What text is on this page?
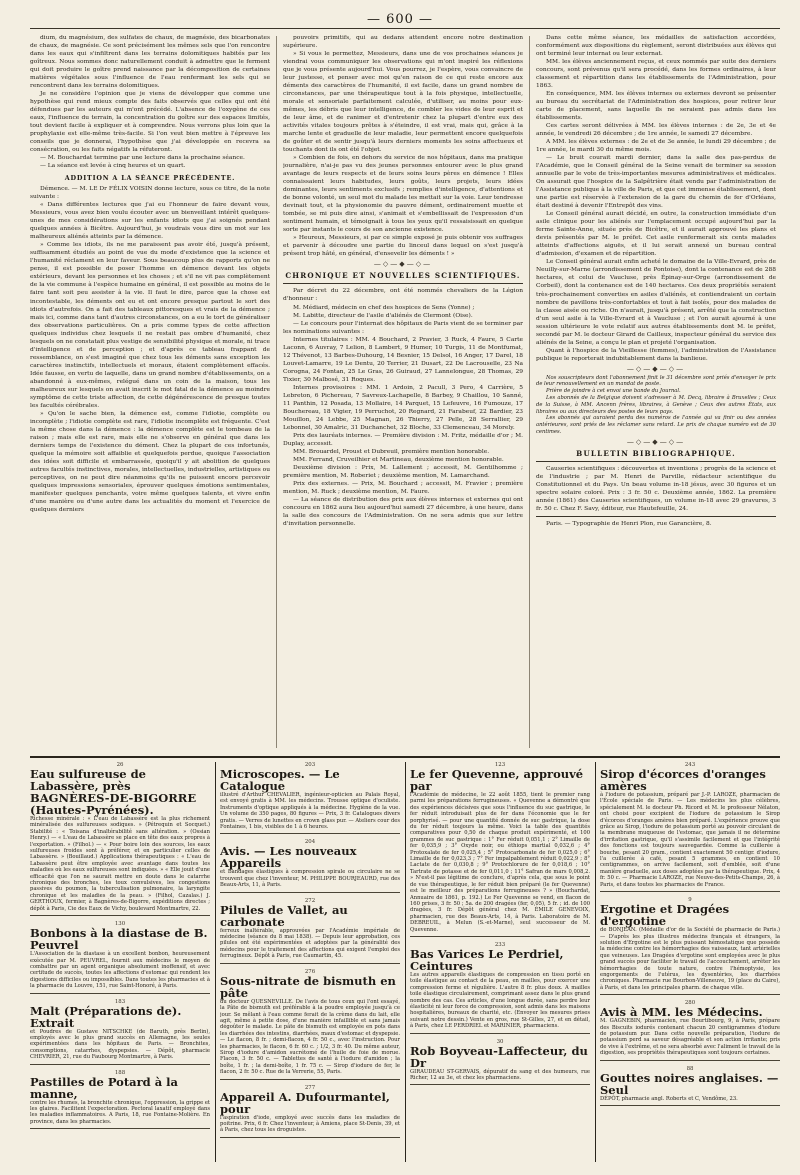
— 600 —

dium, du magnésium, des sulfates de chaux, de magnésie, des bicarbonates de chaux, de magnésie. Ce sont précisément les mêmes sels que l'on rencontre dans les eaux qui s'infiltrent dans les terrains dolomitiques habités par les goîtreux. Nous sommes donc naturellement conduit à admettre que le ferment qui doit produire le goître prend naissance par la décomposition de certaines matières végétales sous l'influence de l'eau renfermant les sels qui se rencontrent dans les terrains dolomitiques.

Je ne considère l'opinion que je viens de développer que comme une hypothèse qui rend mieux compte des faits observés que celles qui ont été défendues par les auteurs qui m'ont précédé. L'absence de l'oxygène de ces eaux, l'influence du terrain, la concentration du goître sur des espaces limités, tout devient facile à expliquer et à comprendre. Nous verrons plus loin que la prophylaxie est elle-même très-facile. Si l'on veut bien mettre à l'épreuve les conseils que je donnerai, l'hypothèse que j'ai développée en recevra sa consécration, ou les faits négatifs la réfuteront.

— M. Bouchardat termine par une lecture dans la prochaine séance.

— La séance est levée à cinq heures et un quart.

ADDITION A LA SÉANCE PRÉCÉDENTE.

Démence. — M. LE Dr FÉLIX VOISIN donne lecture, sous ce titre, de la note suivante :

« Dans différentes lectures que j'ai eu l'honneur de faire devant vous, Messieurs, vous avez bien voulu écouter avec un bienveillant intérêt quelques-unes de mes considérations sur les enfants idiots que j'ai soignés pendant quelques années à Bicêtre. Aujourd'hui, je voudrais vous dire un mot sur les malheureux aliénés atteints par la démence.

» Comme les idiots, ils ne me paraissent pas avoir été, jusqu'à présent, suffisamment étudiés au point de vue du mode d'existence que la science et l'humanité réclament en leur faveur. Sous beaucoup plus de rapports qu'on ne pense, il est possible de poser l'homme en démence devant les objets extérieurs, devant les personnes et les choses ; et s'il ne vit pas complètement de la vie commune à l'espèce humaine en général, il est possible au moins de le faire tant soit peu assister à la vie. Il faut le dire, parce que la chose est incontestable, les déments ont eu et ont encore presque partout le sort des idiots d'autrefois. On a fait des tableaux pittoresques et vrais de la démence ; mais ici, comme dans tant d'autres circonstances, on a eu le tort de généraliser des observations particulières. On a pris comme types de cette affection quelques individus chez lesquels il ne restait pas ombre d'humanité, chez lesquels on ne constatait plus vestige de sensibilité physique et morale, ni trace d'intelligence et de perception ; et d'après ce tableau frappant de ressemblance, on s'est imaginé que chez tous les déments sans exception les caractères instinctifs, intellectuels et moraux, étaient complètement effacés. Idée fausse, en vertu de laquelle, dans un grand nombre d'établissements, on a abandonné à eux-mêmes, relégué dans un coin de la maison, tous les malheureux sur lesquels on avait inscrit le mot fatal de la démence au moindre symptôme de cette triste affection, de cette dégénérescence de presque toutes les facultés cérébrales.

» Qu'on le sache bien, la démence est, comme l'idiotie, complète ou incomplète ; l'idiotie complète est rare, l'idiotie incomplète est fréquente. C'est la même chose dans la démence : la démence complète est le tombeau de la raison ; mais elle est rare, mais elle ne s'observe en général que dans les derniers temps de l'existence du dément. Chez la plupart de ces infortunés, quelque la mémoire soit affaiblie et quelquefois perdue, quoique l'association des idées soit difficile et embarrassée, quoiqu'il y ait abolition de quelques autres facultés instinctives, morales, intellectuelles, industrielles, artistiques ou perceptives, on ne peut dire néanmoins qu'ils ne puissent encore percevoir quelques impressions sensoriales, éprouver quelques émotions sentimentales, manifester quelques penchants, voire même quelques talents, et vivre enfin d'une manière ou d'une autre dans les actualités du moment et l'exercice de quelques derniers

pouvoirs primitifs, qui au dedans attendent encore notre destination supérieure.

» Si vous le permettez, Messieurs, dans une de vos prochaines séances je viendrai vous communiquer les observations qui m'ont inspiré les réflexions que je vous présente aujourd'hui. Vous pourrez, je l'espère, vous convaincre de leur justesse, et penser avec moi qu'en raison de ce qui reste encore aux déments des caractères de l'humanité, il est facile, dans un grand nombre de circonstances, par une thérapeutique tout à la fois physique, intellectuelle, morale et sensoriale parfaitement calculée, d'utiliser, au moins pour eux-mêmes, les débris que leur intelligence, de combler les vides de leur esprit et de leur âme, et de ranimer et d'entretenir chez la plupart d'entre eux des activités vitales toujours prêtes à s'éteindre, il est vrai, mais qui, grâce à la marche lente et graduelle de leur maladie, leur permettent encore quelquefois de goûter et de sentir jusqu'à leurs derniers moments les soins affectueux et touchants dont ils ont été l'objet.

» Combien de fois, en dehors du service de nos hôpitaux, dans ma pratique journalière, n'ai-je pas vu des jeunes personnes entourer avec le plus grand avantage de leurs respects et de leurs soins leurs pères en démence ! Elles connaissaient leurs habitudes, leurs goûts, leurs projets, leurs idées dominantes, leurs sentiments exclusifs ; remplies d'intelligence, d'attentions et de bonne volonté, un seul mot du malade les mettait sur la voie. Leur tendresse devinait tout, et la physionomie du pauvre dément, ordinairement muette et tombée, se mi puis dire ainsi, s'animait et s'embellissait de l'expression d'un sentiment humain, et témoignait à tous les yeux qu'il ressaisissait en quelque sorte par instants le cours de son ancienne existence.

» Heureux, Messieurs, si par ce simple exposé je puis obtenir vos suffrages et parvenir à découdre une partie du linceul dans lequel on s'est jusqu'à présent trop hâté, en général, d'ensevelir les déments ! »

—◇—◆—◇—
CHRONIQUE ET NOUVELLES SCIENTIFIQUES.

Par décret du 22 décembre, ont été nommés chevaliers de la Légion d'honneur :

M. Médiard, médecin en chef des hospices de Sens (Yonne) ;

M. Labitte, directeur de l'asile d'aliénés de Clermont (Oise).

— Le concours pour l'internat des hôpitaux de Paris vient de se terminer par les nominations suivantes :

Internes titulaires : MM. 4 Bouchard, 2 Pravier, 3 Ruck, 4 Faure, 5 Carte Laconn, 6 Auvray, 7 Lelion, 8 Lambert, 9 Humer, 10 Turgis, 11 de Montfumat, 12 Thévenot, 13 Barbes-Duhourg, 14 Besnier, 15 Delsol, 16 Anger, 17 Darel, 18 Louvet-Lamarre, 19 Le Dentu, 20 Terrier, 21 Dusart, 22 De Lacrouselle, 23 Na Corogna, 24 Fontan, 25 Le Gras, 26 Guiraud, 27 Lannelongue, 28 Thomas, 29 Tixier, 30 Malbosé, 31 Roques.

Internes provisoires : MM. 1 Ardoin, 2 Pacull, 3 Pero, 4 Carrière, 5 Lebreton, 6 Pichereau, 7 Savreux-Lachapelle, 8 Barbey, 9 Chaillou, 10 Sanné, 11 Panthin, 12 Posada, 13 Mollaire, 14 Parquet, 15 Lefeuvre, 16 Fumouze, 17 Bouchereau, 18 Vigier, 19 Perruchot, 20 Regnard, 21 Farabeuf, 22 Bardier, 23 Mouillon, 24 Lebbe, 25 Magnan, 26 Thierry, 27 Pelle, 28 Serrallier, 29 Lebonnel, 30 Amalric, 31 Duchanchet, 32 Bloche, 33 Clemenceau, 34 Morely.

Prix des lauréats internes. — Première division : M. Fritz, médaille d'or ; M. Duplay, accessit.

MM. Brouardel, Proust et Dubreuil, première mention honorable.

MM. Ferrand, Cruveilhier et Martineau, deuxième mention honorable.

Deuxième division : Prix, M. Lallement ; accessit, M. Gentilhomme ; première mention, M. Roberiet ; deuxième mention, M. Lamarchand.

Prix des externes. — Prix, M. Bouchard ; accessit, M. Fravier ; première mention, M. Ruck ; deuxième mention, M. Faure.

— La séance de distribution des prix aux élèves internes et externes qui ont concouru en 1862 aura lieu aujourd'hui samedi 27 décembre, à une heure, dans la salle des concours de l'Administration. On ne sera admis que sur lettre d'invitation personnelle.

Dans cette même séance, les médailles de satisfaction accordées, conformément aux dispositions du règlement, seront distribuées aux élèves qui ont terminé leur internat ou leur externat.

MM. les élèves anciennement reçus, et ceux nommés par suite des derniers concours, sont prévenus qu'il sera procédé, dans les formes ordinaires, à leur classement et répartition dans les établissements de l'Administration, pour 1863.

En conséquence, MM. les élèves internes ou externes devront se présenter au bureau du secrétariat de l'Administration des hospices, pour retirer leur carte de placement, sans laquelle ils ne seraient pas admis dans les établissements.

Ces cartes seront délivrées à MM. les élèves internes : de 2e, 3e et 4e année, le vendredi 26 décembre ; de 1re année, le samedi 27 décembre.

A MM. les élèves externes : de 2e et de 3e année, le lundi 29 décembre ; de 1re année, le mardi 30 du même mois.

— Le bruit courait mardi dernier, dans la salle des pas-perdus de l'Académie, que le Conseil général de la Seine venait de terminer sa session annuelle par le vote de très-importantes mesures administratives et médicales. On assurait que l'hospice de la Salpêtrière était vendu par l'administration de l'Assistance publique à la ville de Paris, et que cet immense établissement, dont une partie est réservée à l'extension de la gare du chemin de fer d'Orléans, était destiné à devenir l'Entrepôt des vins.

Le Conseil général aurait décidé, en outre, la construction immédiate d'un asile clinique pour les aliénés sur l'emplacement occupé aujourd'hui par la ferme Sainte-Anne, située près de Bicêtre, et il aurait approuvé les plans et devis présentés par M. le préfet. Cet asile renfermerait six cents malades atteints d'affections aiguës, et il lui serait annexé un bureau central d'admission, d'examen et de répartition.

Le Conseil général aurait enfin acheté le domaine de la Ville-Evrard, près de Neuilly-sur-Marne (arrondissement de Pontoise), dont la contenance est de 288 hectares, et celui de Vaucluse, près Épinay-sur-Orge (arrondissement de Corbeil), dont la contenance est de 140 hectares. Ces deux propriétés seraient très-prochainement converties en asiles d'aliénés, et contiendraient un certain nombre de pavillons très-confortables et tout à fait isolés, pour des malades de la classe aisée ou riche. On n'aurait, jusqu'à présent, arrêté que la construction d'un seul asile à la Ville-Evrard et à Vaucluse ; et l'on aurait ajourné à une session ultérieure le vote relatif aux autres établissements dont M. le préfet, secondé par M. le docteur Girard de Cailleux, inspecteur général du service des aliénés de la Seine, a conçu le plan et projeté l'organisation.

Quant à l'hospice de la Vieillesse (femmes), l'administration de l'Assistance publique le reporterait indubitablement dans la banlieue.

—◇—◆—◇—

Nos souscripteurs dont l'abonnement finit le 31 décembre sont priés d'envoyer le prix de leur renouvellement en un mandat de poste.

Prière de joindre à cet envoi une bande du Journal.

Les abonnés de la Belgique doivent s'adresser à M. Decq, libraire à Bruxelles ; Ceux de la Suisse, à MM. Ancenn frères, libraires, à Genève ; Ceux des autres États, aux libraires ou aux directeurs des postes de leurs pays.

Les abonnés qui auraient perdu des numéros de l'année qui va finir ou des années antérieures, sont priés de les réclamer sans retard. Le prix de chaque numéro est de 30 centimes.

—◇—◆—◇—
BULLETIN BIBLIOGRAPHIQUE.

Causeries scientifiques : découvertes et inventions ; progrès de la science et de l'industrie ; par M. Henri de Parville, rédacteur scientifique du Constitutionnel et du Pays. Un beau volume in-18 jésus, avec 30 figures et un spectre solaire coloré. Prix : 3 fr. 50 c. Deuxième année, 1862. La première année (1861) des Causeries scientifiques, un volume in-18 avec 29 gravures, 3 fr. 50 c. Chez F. Savy, éditeur, rue Hautefeuille, 24.

Paris. — Typographie de Henri Plon, rue Garancière, 8.

26
Eau sulfureuse de Labassère, près BAGNÈRES-DE-BIGORRE (Hautes-Pyrénées).
Richesse minérale : « L'eau de Labassère est la plus richement minéralisée des sulfureuses sodiques. » (Pétrequin et Socquet.) Stabilité : « Toisana d'inaltérabilité sans altération. » (Ossian Henry.) — « L'eau de Labassère se place en tête des eaux propres à l'exportation. » (Filhol.) — « Pour boire loin des sources, les eaux sulfureuses froides sont à préférer, et en particulier celles de Labassère. » (Bouillaud.) Applications thérapeutiques : « L'eau de Labassère peut être employée avec avantage dans toutes les maladies où les eaux sulfureuses sont indiquées. » « Elle jouit d'une efficacité que l'on ne saurait mettre en doute dans le catarrhe chronique des bronches, les toux convulsives, les congestions passives du poumon, la tuberculisation pulmonaire, la laryngite chronique et les maladies de la peau. » (Filhol, Cazalas.) J. GERTHOUX, fermier, à Bagnères-de-Bigorre, expéditions directes ; dépôt à Paris, Cie des Eaux de Vichy, boulevard Montmartre, 22.
130
Bonbons à la diastase de B. Peuvrel
L'Association de la diastase à un excellent bonbon, heureusement exécutée par M. PEUVREL, fournit aux médecins le moyen de combattre par un agent organique absolument inoffensif, et avec certitude de succès, toutes les affections d'estomac qui rendent les digestions difficiles ou impossibles. Dans toutes les pharmacies et à la pharmacie du Louvre, 151, rue Saint-Honoré, à Paris.
183
Malt (Préparations de). Extrait
et Poudres de Gustave NITSCHKE (de Baruth, près Berlin), employés avec le plus grand succès en Allemagne, les seules expérimentées dans les hôpitaux de Paris. — Bronchites, consomptions, catarrhes, dyspepsies. — Dépôt, pharmacie CHEVRIER, 21, rue du Faubourg Montmartre, à Paris.
188
Pastilles de Potard à la manne,
contre les rhumes, la bronchite chronique, l'oppression, la grippe et les glaires. Facilitent l'expectoration. Pectoral laxatif employé dans les maladies inflammatoires. A Paris, 18, rue Fontaine-Molière. En province, dans les pharmacies.
203
Microscopes. — Le Catalogue
illustré d'Arthur CHEVALIER, ingénieur-opticien au Palais Royal, est envoyé gratis à MM. les médecins. Trousse optique d'oculiste. Instruments d'optique appliqués à la médecine. Hygiène de la vue. Un volume de 350 pages, 80 figures — Prix, 3 fr. Catalogues divers gratis. — Verres de lunettes en crown glass pur. — Ateliers cour des Fontaines, 1 bis, visibles de 1 à 6 heures.
204
Avis. — Les nouveaux Appareils
et Bandages élastiques à compression spirale ou circulaire ne se trouvent que chez l'inventeur, M. PHILIPPE BOURJEAURD, rue des Beaux-Arts, 11, à Paris.
272
Pilules de Vallet, au carbonate
ferreux inaltérable, approuvées par l'Académie impériale de médecine (séance du 8 mai 1838). — Depuis leur approbation, ces pilules ont été expérimentées et adoptées par la généralité des médecins pour le traitement des affections qui exigent l'emploi des ferrugineux. Dépôt à Paris, rue Caumartin, 45.
276
Sous-nitrate de bismuth en pâte
du docteur QUESNEVILLE. De l'avis de tous ceux qui l'ont essayé, la Pâte de bismuth est préférable à la poudre employée jusqu'à ce jour. Se mêlant à l'eau comme ferait de la crème dans du lait, elle agit, même à petite dose, d'une manière infaillible et sans jamais dégoûter le malade. Le pâte de bismuth est employée en pots dans les diarrhées des intestins, diarrhées, maux d'estomac et dyspepsie. — Le flacon, 8 fr. ; demi-flacon, 4 fr. 50 c., avec l'instruction. Pour les pharmacies, le flacon, 6 fr. 60 c. ; 1/2, 3 fr. 40. Du même auteur, Sirop d'iodure d'amidon sucrétomé de l'huile de foie de morue. Flacon, 3 fr. 50 c. — Tablettes de santé à l'iodure d'amidon ; la boîte, 1 fr. ; la demi-boîte, 1 fr. 75 c. — Sirop d'iodure de fer, le flacon, 2 fr. 50 c. Rue de la Verrerie, 55, Paris.
277
Appareil A. Dufourmantel, pour
l'aspiration d'iode, employé avec succès dans les maladies de poitrine. Prix, 6 fr. Chez l'inventeur, à Amiens, place St-Denis, 39, et à Paris, chez tous les droguistes.
123
Le fer Quevenne, approuvé par
l'Académie de médecine, le 22 août 1855, tient le premier rang parmi les préparations ferrugineuses. « Quevenne a démontré que des expériences décisives que sous l'influence du suc gastrique, le fer réduit introduisait plus de fer dans l'économie que le fer porphyrisé. — pour une quantité donnée de suc gastrique, la dose du fer réduit toujours la même. Voici la table des quantités comparatives pour 0,50 de chaque produit expérimenté, et 100 grammes de suc gastrique : 1° Fer réduit 0,051,1 ; 2° Limaille de fer 0,035,9 ; 3° Oxyde noir, ou éthiops martial 0,032,6 ; 4° Protoxalate de fer 0,025,4 ; 5° Protocarbonate de fer 0,025,0 ; 6° Limaille de fer 0,023,3 ; 7° Fer impalpablement réduit 0,022,9 ; 8° Lactate de fer 0,030,8 ; 9° Protochlorure de fer 0,018,6 ; 10° Tartrate de potasse et de fer 0,011,0 ; 11° Safran de mars 0,008,2. » N'est-il pas légitime de conclure, d'après cela, que sous le point de vue thérapeutique, le fer réduit bien préparé (le fer Quevenne) est le meilleur des préparations ferrugineuses ? » (Bouchardat, Annuaire de 1861, p. 192.) Le Fer Quevenne se vend, en flacon de 160 prises, 3 fr. 50 ; 5a. de 200 dragées (fer, 0,05), 5 fr. ; id. de 100 dragées, 3 fr. Dépôt général chez M. ÉMILE GENEVOIX, pharmacien, rue des Beaux-Arts, 14, à Paris. Laboratoire de M. DEBREUIL, à Melun (S.-et-Marne), seul successeur de M. Quevenne.
233
Bas Varices Le Perdriel, Ceintures
Les autres appareils élastiques de compression en tissu porté en toile élastique au contact de la peau, en mailles, pour exercer une compression ferme et régulière. L'autre 8 fr. plus doux. A mailles toile élastique circulairement, comprimant assez dans le plus grand nombre des cas. Ces articles, d'une longue durée, sans perdre leur élasticité ni leur force de compression, sont admis dans les maisons hospitalières, bureaux de charité, etc. (Envoyer les mesures prises suivant notre dessin.) Vente en gros, rue St-Gilles, 27, et en détail, à Paris, chez LE PERDRIEL et MARINIER, pharmaciens.
30
Rob Boyveau-Laffecteur, du Dr
GIRAUDEAU ST-GERVAIS, dépuratif du sang et des humeurs, rue Richer, 12 au 3e, et chez les pharmaciens.
243
Sirop d'écorces d'oranges amères
à l'iodure de potassium, préparé par J.-P. LAROZE, pharmacien de l'École spéciale de Paris. — Les médecins les plus célèbres, spécialement M. le docteur Ph. Ricord et M. le professeur Nélaton, ont choisi pour excipient de l'iodure de potassium le Sirop d'écorces d'oranges amères bien préparé. L'expérience prouve que grâce au Sirop, l'iodure de potassium porté au pouvoir circulant de la membrane muqueuse de l'estomac, que jamais il ne détermine d'irritation gastrique, qu'il s'assimile facilement et que l'intégrité des fonctions est toujours sauvegardée. Comme la cuillerée à bouche, pesant 20 gram., contient exactement 50 centigr. d'iodure, l'a cuillerée à café, pesant 5 grammes, en contient 10 centigrammes, on arrive facilement, soit d'emblée, soit d'une manière graduelle, aux doses adoptées par la thérapeutique. Prix, 4 fr. 50 c. — Pharmacie LAROZE, rue Neuve-des-Petits-Champs, 26, à Paris, et dans toutes les pharmacies de France.
9
Ergotine et Dragées d'ergotine
de BONJEAN. (Médaille d'or de la Société de pharmacie de Paris.) — D'après les plus illustres médecins français et étrangers, la solution d'Ergotine est le plus puissant hémostatique que possède la médecine contre les hémorrhagies des vaisseaux, tant artérielles que veineuses. Les Dragées d'ergotine sont employées avec le plus grand succès pour faciliter le travail de l'accouchement, arrêter les hémorrhagies de toute nature, contre l'hémoptysie, les engorgements de l'utérus, les dysentéries, les diarrhées chroniques. Pharmacie rue Bourbon-Villeneuve, 19 (place du Caire), à Paris, et dans les principales pharm. de chaque ville.
280
Avis à MM. les Médecins.
M. GAGNEBIN, pharmacien, rue Bourtibourg, 9, à Paris, prépare des Biscuits iodurés contenant chacun 20 centigrammes d'iodure de potassium pur. Dans cette nouvelle préparation, l'iodure de potassium perd sa saveur désagréable et son action irritante; pris de vive à l'extrême, et ne sera absorbé avec l'aliment le travail de la digestion, ses propriétés thérapeutiques sont toujours certaines.
88
Gouttes noires anglaises. — Seul
DÉPÔT, pharmacie angl. Roberts et C, Vendôme, 23.
